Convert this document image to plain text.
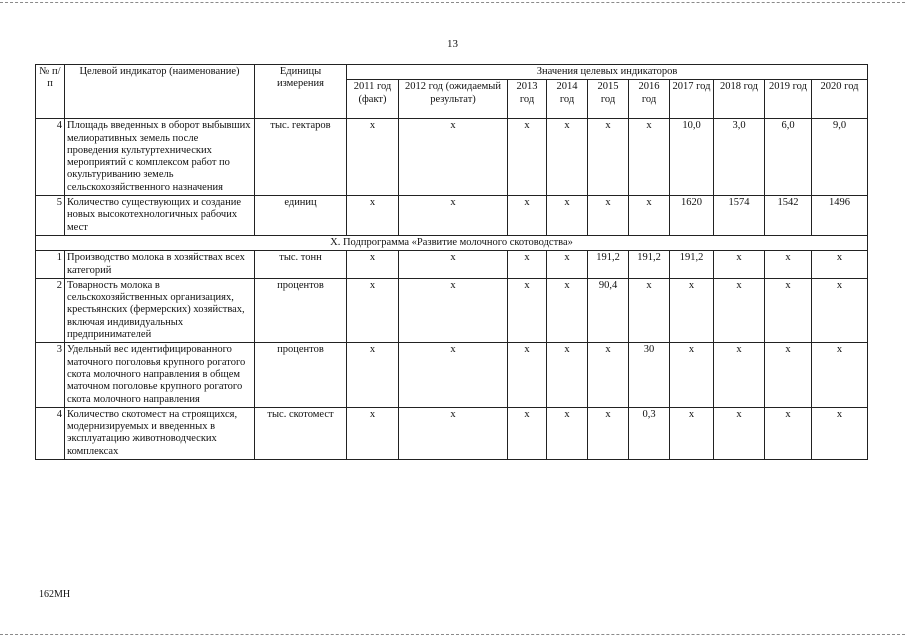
13
№ п/п	Целевой индикатор (наименование)	Единицы измерения	Значения целевых индикаторов									
			2011 год (факт)	2012 год (ожидаемый результат)	2013 год	2014 год	2015 год	2016 год	2017 год	2018 год	2019 год	2020 год
4	Площадь введенных в оборот выбывших мелиоративных земель после проведения культуртехнических мероприятий с комплексом работ по окультуриванию земель сельскохозяйственного назначения	тыс. гектаров	х	х	х	х	х	х	10,0	3,0	6,0	9,0
5	Количество существующих и создание новых высокотехнологичных рабочих мест	единиц	х	х	х	х	х	х	1620	1574	1542	1496
X. Подпрограмма «Развитие молочного скотоводства»												
1	Производство молока в хозяйствах всех категорий	тыс. тонн	х	х	х	х	191,2	191,2	191,2	х	х	х
2	Товарность молока в сельскохозяйственных организациях, крестьянских (фермерских) хозяйствах, включая индивидуальных предпринимателей	процентов	х	х	х	х	90,4	х	х	х	х	х
3	Удельный вес идентифицированного маточного поголовья крупного рогатого скота молочного направления в общем маточном поголовье крупного рогатого скота молочного направления	процентов	х	х	х	х	х	30	х	х	х	х
4	Количество скотомест на строящихся, модернизируемых и введенных в эксплуатацию животноводческих комплексах	тыс. скотомест	х	х	х	х	х	0,3	х	х	х	х
162МН
